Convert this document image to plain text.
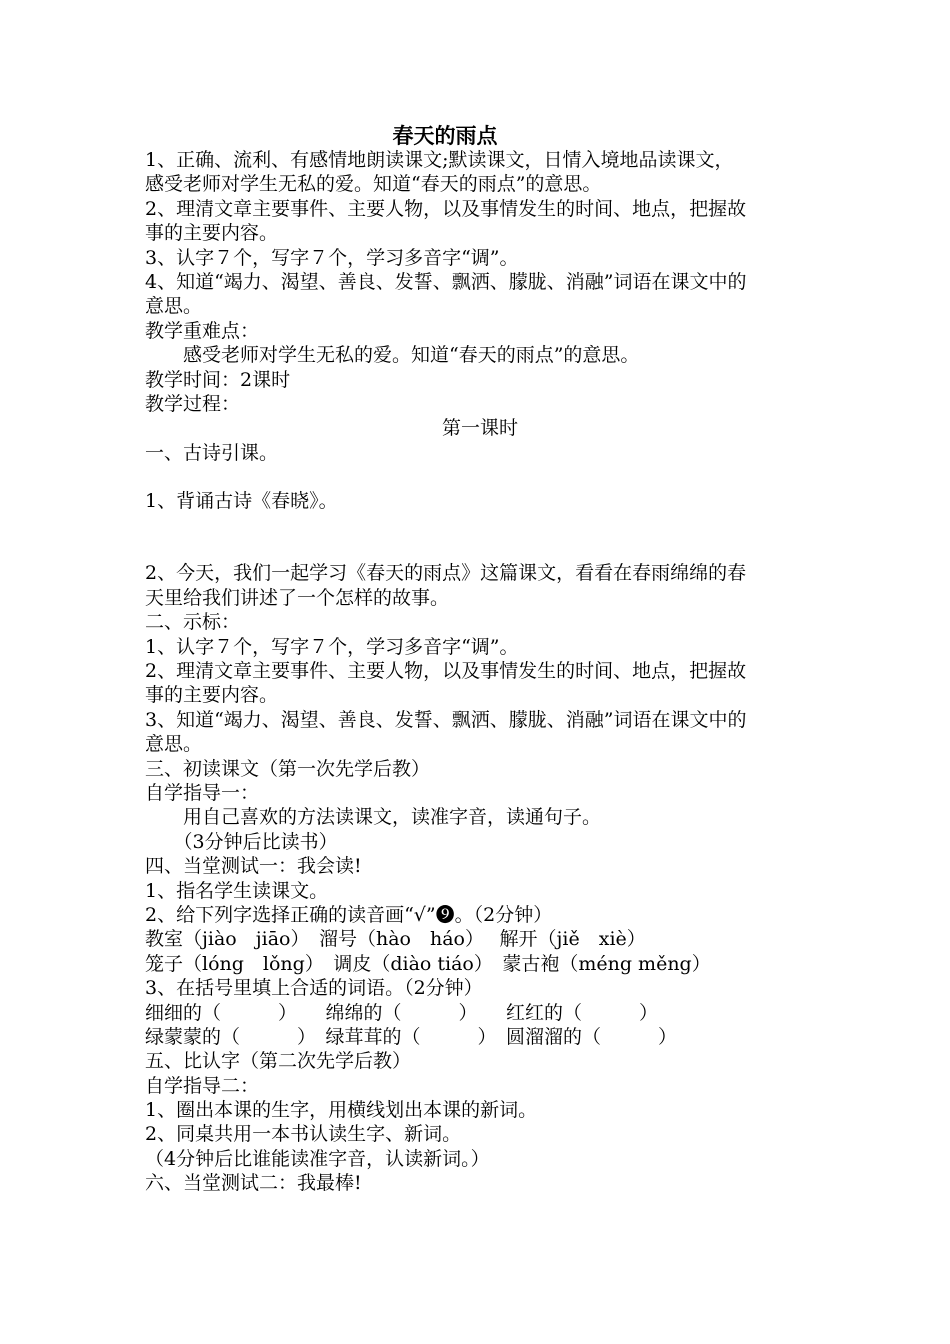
春天的雨点
1、正确、流利、有感情地朗读课文;默读课文，日情入境地品读课文，
感受老师对学生无私的爱。知道“春天的雨点”的意思。
2、理清文章主要事件、主要人物，以及事情发生的时间、地点，把握故
事的主要内容。
3、认字７个，写字７个，学习多音字“调”。
4、知道“竭力、渴望、善良、发誓、飘洒、朦胧、消融”词语在课文中的
意思。
教学重难点：
　　感受老师对学生无私的爱。知道“春天的雨点”的意思。
教学时间：2课时
教学过程：
第一课时
一、古诗引课。
1、背诵古诗《春晓》。
2、今天，我们一起学习《春天的雨点》这篇课文，看看在春雨绵绵的春
天里给我们讲述了一个怎样的故事。
二、示标：
1、认字７个，写字７个，学习多音字“调”。
2、理清文章主要事件、主要人物，以及事情发生的时间、地点，把握故
事的主要内容。
3、知道“竭力、渴望、善良、发誓、飘洒、朦胧、消融”词语在课文中的
意思。
三、初读课文（第一次先学后教）
自学指导一：
　　用自己喜欢的方法读课文，读准字音，读通句子。
　　（3分钟后比读书）
四、当堂测试一：我会读!
1、指名学生读课文。
2、给下列字选择正确的读音画“√”❾。（2分钟）
教室（jiào　jiāo）　溜号（hào　háo）　 解开（jiě　xiè）
笼子（lóng　lǒng）　调皮（diào tiáo）　蒙古袍（méng měng）
3、在括号里填上合适的词语。（2分钟）
细细的（　　　）　　绵绵的（　　　）　　红红的（　　　）
绿蒙蒙的（　　　）　绿茸茸的（　　　）　圆溜溜的（　　　）
五、比认字（第二次先学后教）
自学指导二：
1、圈出本课的生字，用横线划出本课的新词。
2、同桌共用一本书认读生字、新词。
（4分钟后比谁能读准字音，认读新词。）
六、当堂测试二：我最棒!
